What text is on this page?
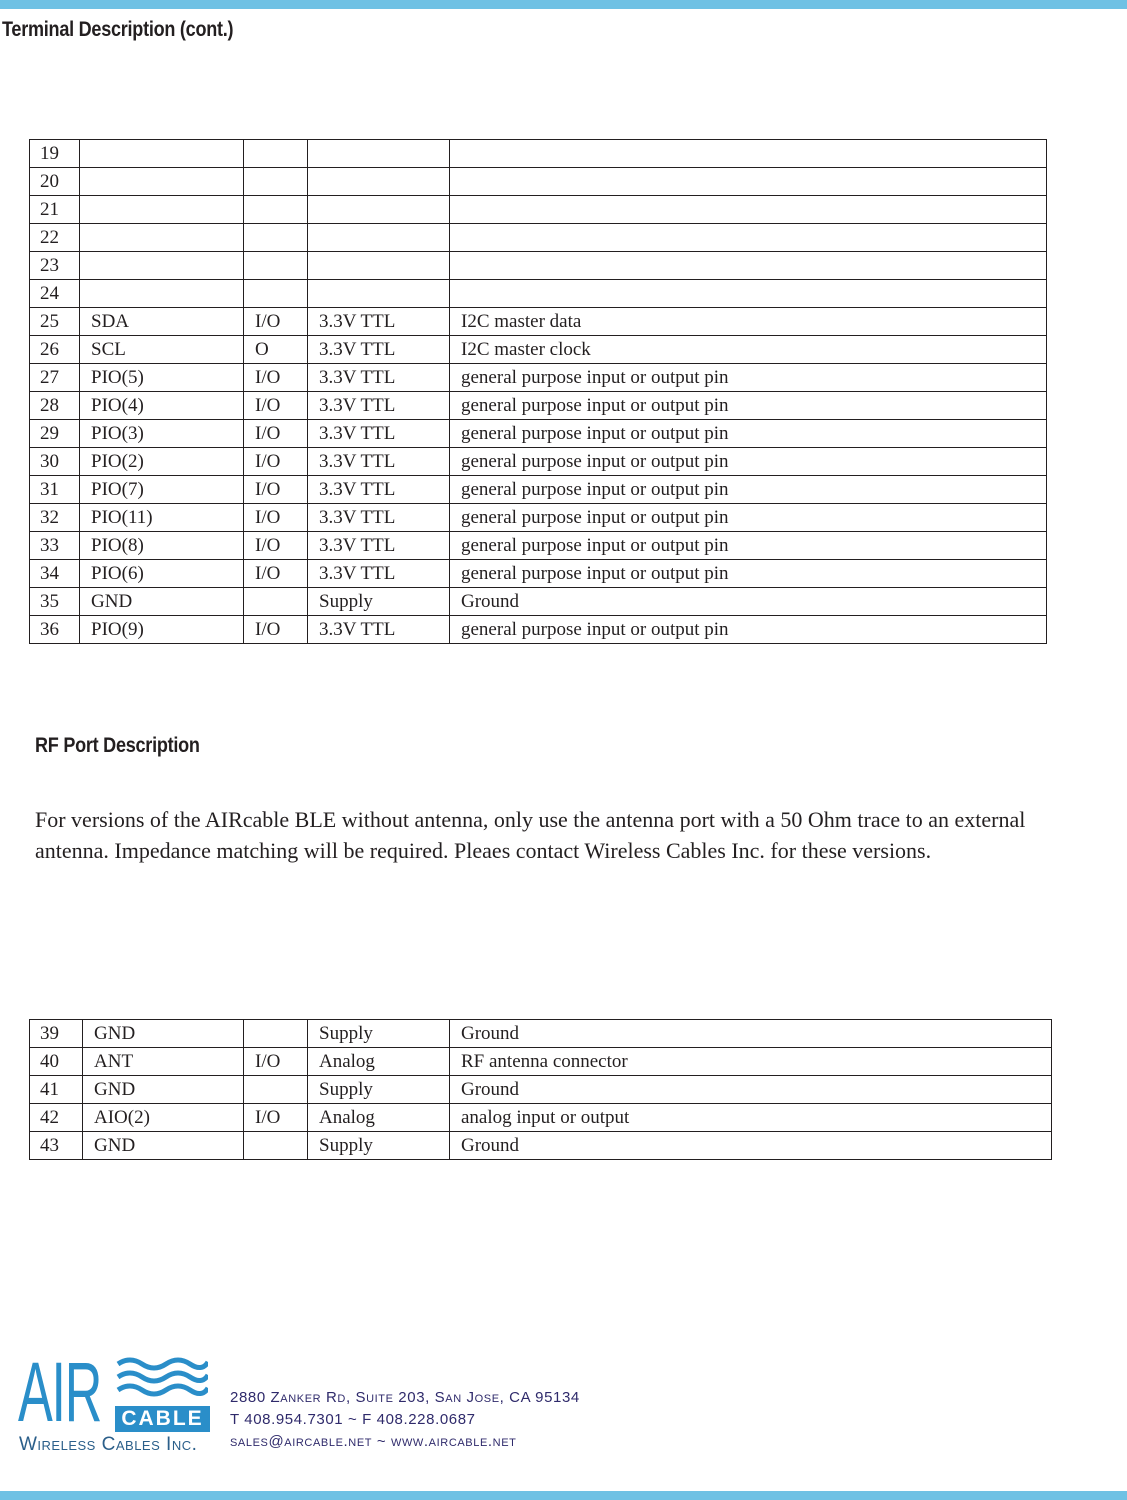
Terminal Description (cont.)
19				
20				
21				
22				
23				
24				
25	SDA	I/O	3.3V TTL	I2C master data
26	SCL	O	3.3V TTL	I2C master clock
27	PIO(5)	I/O	3.3V TTL	general purpose input or output pin
28	PIO(4)	I/O	3.3V TTL	general purpose input or output pin
29	PIO(3)	I/O	3.3V TTL	general purpose input or output pin
30	PIO(2)	I/O	3.3V TTL	general purpose input or output pin
31	PIO(7)	I/O	3.3V TTL	general purpose input or output pin
32	PIO(11)	I/O	3.3V TTL	general purpose input or output pin
33	PIO(8)	I/O	3.3V TTL	general purpose input or output pin
34	PIO(6)	I/O	3.3V TTL	general purpose input or output pin
35	GND		Supply	Ground
36	PIO(9)	I/O	3.3V TTL	general purpose input or output pin
RF Port Description

For versions of the AIRcable BLE without antenna, only use the antenna port with a 50 Ohm trace to an external antenna. Impedance matching will be required. Pleaes contact Wireless Cables Inc. for these versions.

39	GND		Supply	Ground
40	ANT	I/O	Analog	RF antenna connector
41	GND		Supply	Ground
42	AIO(2)	I/O	Analog	analog input or output
43	GND		Supply	Ground
AIR CABLE
Wireless Cables Inc.
2880 Zanker Rd, Suite 203, San Jose, CA 95134
T 408.954.7301 ~ F 408.228.0687
sales@aircable.net ~ www.aircable.net
